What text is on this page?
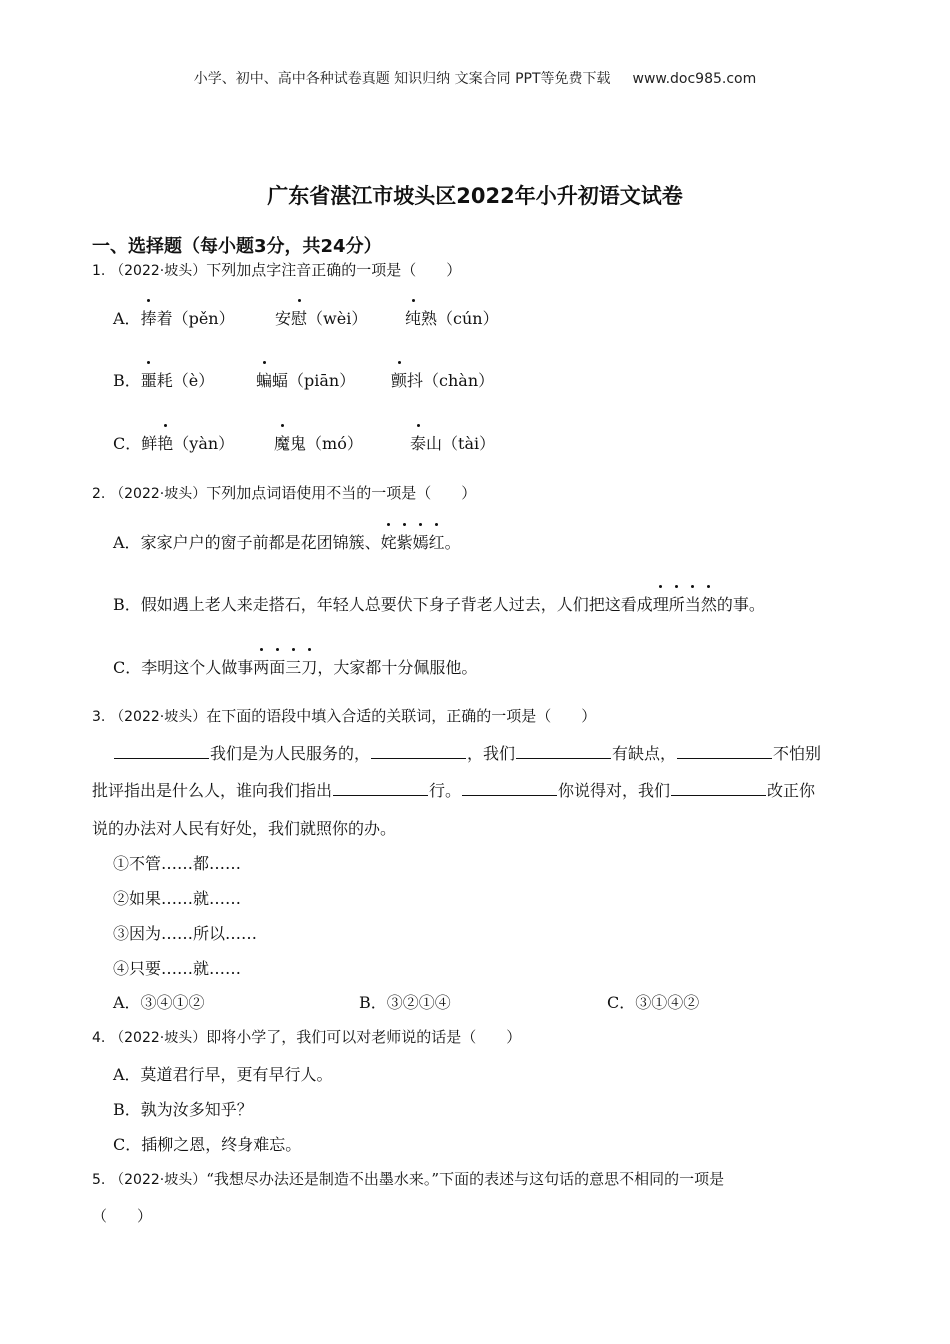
小学、初中、高中各种试卷真题 知识归纳 文案合同 PPT等免费下载 www.doc985.com
广东省湛江市坡头区2022年小升初语文试卷
一、选择题（每小题3分，共24分）
1. （2022·坡头）下列加点字注音正确的一项是（　　）
A．捧着（pěn）	安慰（wèi） 纯熟（cún）
B．噩耗（è）	蝙蝠（piān） 颤抖（chàn）
C．鲜艳（yàn） 魔鬼（mó）	泰山（tài）
2. （2022·坡头）下列加点词语使用不当的一项是（　　）
A．家家户户的窗子前都是花团锦簇、姹紫嫣红。
B．假如遇上老人来走搭石，年轻人总要伏下身子背老人过去，人们把这看成理所当然的事。
C．李明这个人做事两面三刀，大家都十分佩服他。
3. （2022·坡头）在下面的语段中填入合适的关联词，正确的一项是（　　）
我们是为人民服务的，	，我们	有缺点，	不怕别
批评指出是什么人，谁向我们指出	行。	你说得对，我们	改正你
说的办法对人民有好处，我们就照你的办。
①不管……都……
②如果……就……
③因为……所以……
④只要……就……
A．③④①②	B．③②①④	C．③①④②
4. （2022·坡头）即将小学了，我们可以对老师说的话是（　　）
A．莫道君行早，更有早行人。
B．孰为汝多知乎？
C．插柳之恩，终身难忘。
5. （2022·坡头）“我想尽办法还是制造不出墨水来。”下面的表述与这句话的意思不相同的一项是
（　　）
